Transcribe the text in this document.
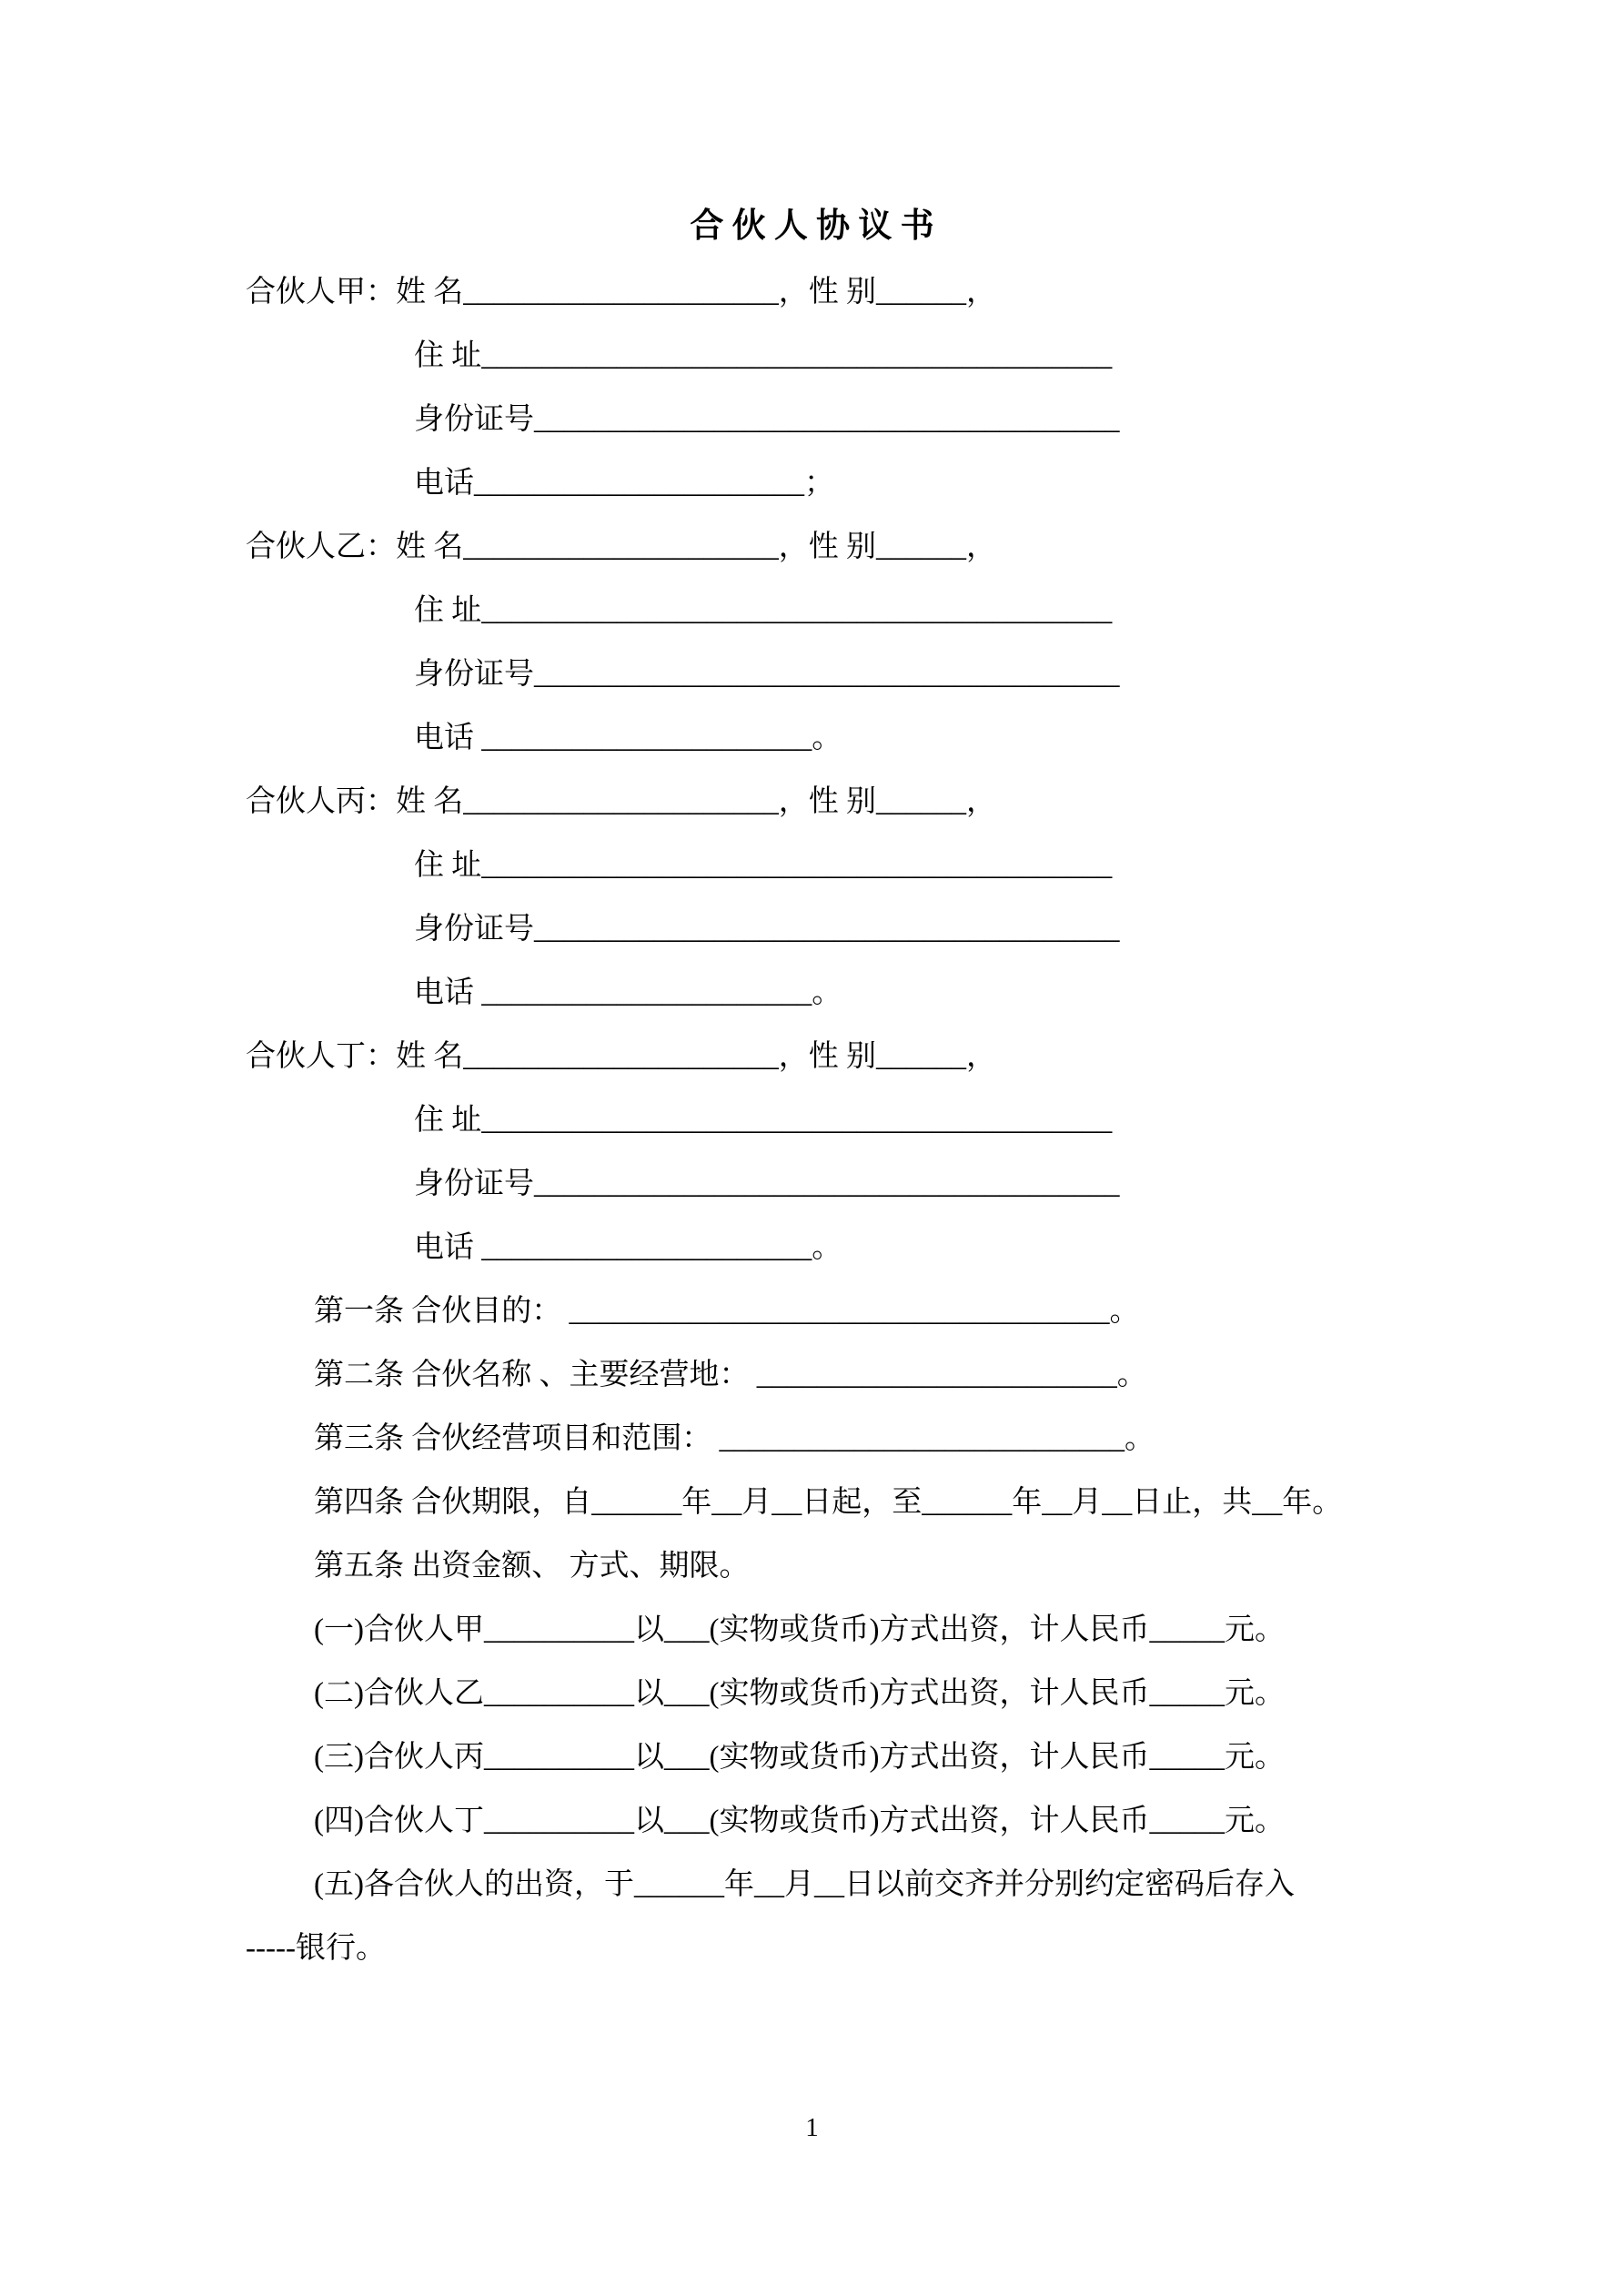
合 伙 人 协 议 书
合伙人甲：姓 名_____________________，性 别______，
住 址__________________________________________
身份证号_______________________________________
电话______________________；
合伙人乙：姓 名_____________________，性 别______，
住 址__________________________________________
身份证号_______________________________________
电话 ______________________。
合伙人丙：姓 名_____________________，性 别______，
住 址__________________________________________
身份证号_______________________________________
电话 ______________________。
合伙人丁：姓 名_____________________，性 别______，
住 址__________________________________________
身份证号_______________________________________
电话 ______________________。
第一条 合伙目的： ____________________________________。
第二条 合伙名称 、主要经营地： ________________________。
第三条 合伙经营项目和范围： ___________________________。
第四条 合伙期限，自______年__月__日起，至______年__月__日止，共__年。
第五条 出资金额、 方式、期限。
(一)合伙人甲__________以___(实物或货币)方式出资，计人民币_____元。
(二)合伙人乙__________以___(实物或货币)方式出资，计人民币_____元。
(三)合伙人丙__________以___(实物或货币)方式出资，计人民币_____元。
(四)合伙人丁__________以___(实物或货币)方式出资，计人民币_____元。
(五)各合伙人的出资，于______年__月__日以前交齐并分别约定密码后存入
-----银行。
1
